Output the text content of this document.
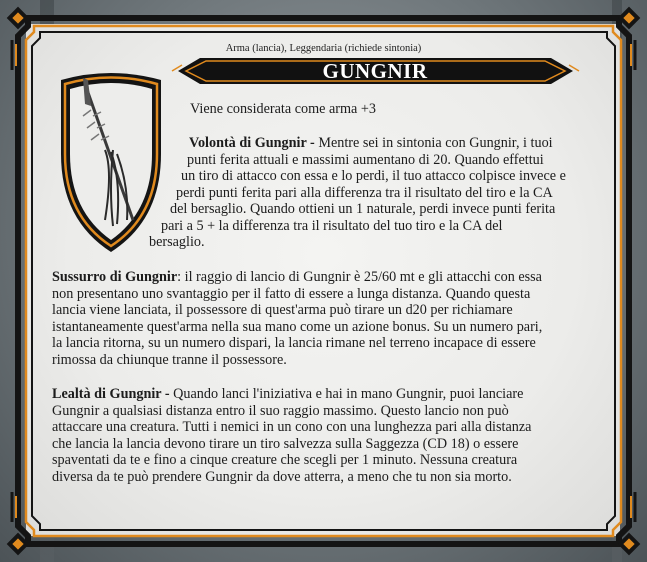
Arma (lancia), Leggendaria (richiede sintonia)
GUNGNIR
Viene considerata come arma +3
Volontà di Gungnir - Mentre sei in sintonia con Gungnir, i tuoi
punti ferita attuali e massimi aumentano di 20. Quando effettui
un tiro di attacco con essa e lo perdi, il tuo attacco colpisce invece e
perdi punti ferita pari alla differenza tra il risultato del tiro e la CA
del bersaglio. Quando ottieni un 1 naturale, perdi invece punti ferita
pari a 5 + la differenza tra il risultato del tuo tiro e la CA del
bersaglio.
Sussurro di Gungnir: il raggio di lancio di Gungnir è 25/60 mt e gli attacchi con essa
non presentano uno svantaggio per il fatto di essere a lunga distanza. Quando questa
lancia viene lanciata, il possessore di quest'arma può tirare un d20 per richiamare
istantaneamente quest'arma nella sua mano come un azione bonus. Su un numero pari,
la lancia ritorna, su un numero dispari, la lancia rimane nel terreno incapace di essere
rimossa da chiunque tranne il possessore.
Lealtà di Gungnir - Quando lanci l'iniziativa e hai in mano Gungnir, puoi lanciare
Gungnir a qualsiasi distanza entro il suo raggio massimo. Questo lancio non può
attaccare una creatura. Tutti i nemici in un cono con una lunghezza pari alla distanza
che lancia la lancia devono tirare un tiro salvezza sulla Saggezza (CD 18) o essere
spaventati da te e fino a cinque creature che scegli per 1 minuto. Nessuna creatura
diversa da te può prendere Gungnir da dove atterra, a meno che tu non sia morto.
